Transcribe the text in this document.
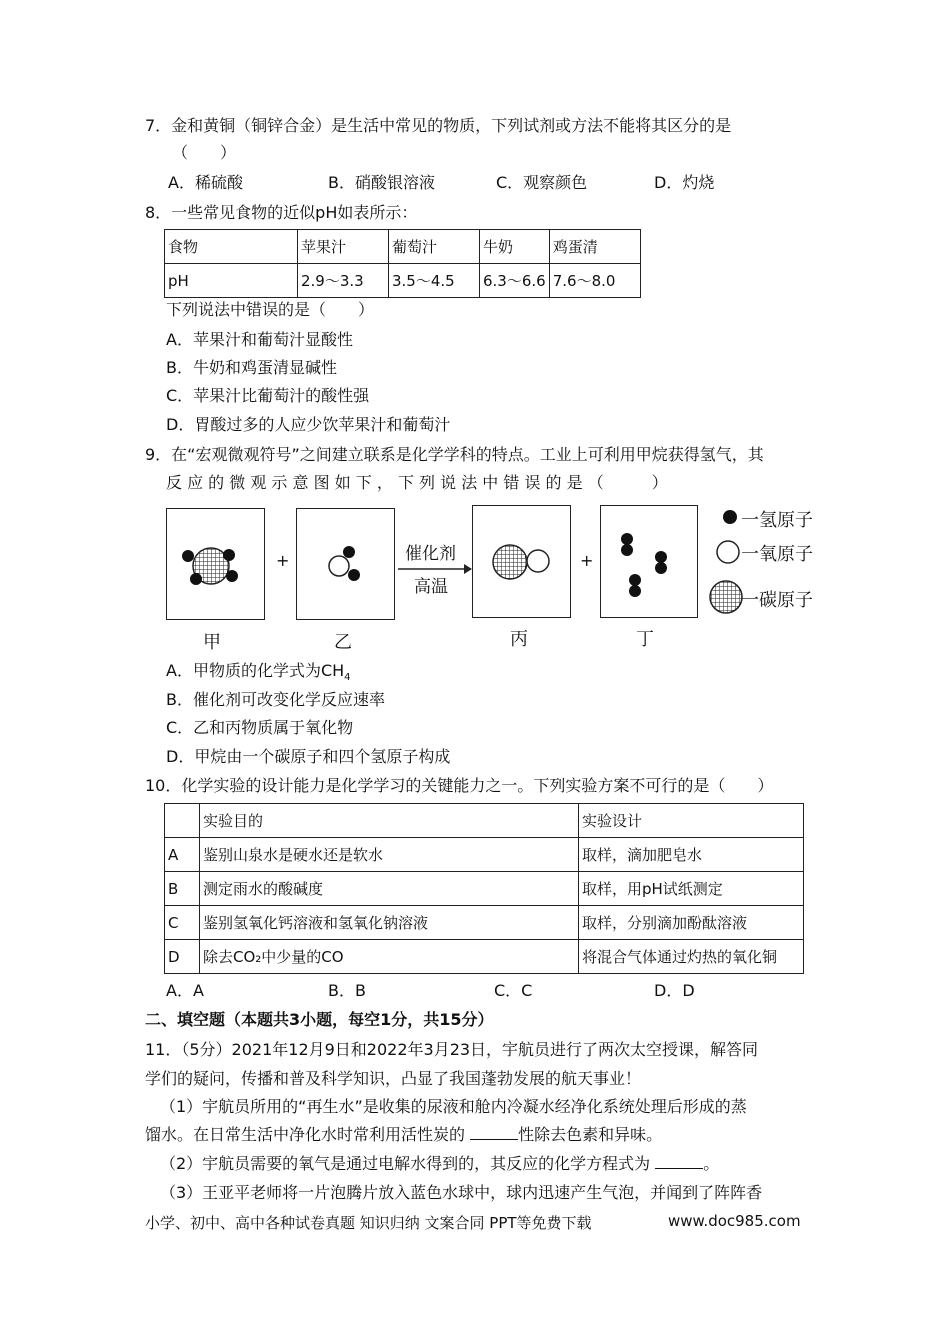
7．金和黄铜（铜锌合金）是生活中常见的物质，下列试剂或方法不能将其区分的是
（　　）
A．稀硫酸	B．硝酸银溶液	C．观察颜色	D．灼烧
8．一些常见食物的近似pH如表所示：
食物	苹果汁	葡萄汁	牛奶	鸡蛋清
pH	2.9～3.3	3.5～4.5	6.3～6.6	7.6～8.0
下列说法中错误的是（　　）
A．苹果汁和葡萄汁显酸性
B．牛奶和鸡蛋清显碱性
C．苹果汁比葡萄汁的酸性强
D．胃酸过多的人应少饮苹果汁和葡萄汁
9．在“宏观微观符号”之间建立联系是化学学科的特点。工业上可利用甲烷获得氢气，其
反 应 的 微 观 示 意 图 如 下 ， 下 列 说 法 中 错 误 的 是 （　　　）
甲
+
乙
催化剂
高温
丙
+
丁
一氢原子
一氧原子
一碳原子
A．甲物质的化学式为$CH_4$
B．催化剂可改变化学反应速率
C．乙和丙物质属于氧化物
D．甲烷由一个碳原子和四个氢原子构成
10．化学实验的设计能力是化学学习的关键能力之一。下列实验方案不可行的是（　　）
	实验目的	实验设计
A	鉴别山泉水是硬水还是软水	取样，滴加肥皂水
B	测定雨水的酸碱度	取样，用pH试纸测定
C	鉴别氢氧化钙溶液和氢氧化钠溶液	取样，分别滴加酚酞溶液
D	除去CO₂中少量的CO	将混合气体通过灼热的氧化铜
A．A	B．B	C．C	D．D
二、填空题（本题共3小题，每空1分，共15分）
11．（5分）2021年12月9日和2022年3月23日，宇航员进行了两次太空授课，解答同
学们的疑问，传播和普及科学知识，凸显了我国蓬勃发展的航天事业！
（1）宇航员所用的“再生水”是收集的尿液和舱内冷凝水经净化系统处理后形成的蒸
馏水。在日常生活中净化水时常利用活性炭的	性除去色素和异味。
（2）宇航员需要的氧气是通过电解水得到的，其反应的化学方程式为	。
（3）王亚平老师将一片泡腾片放入蓝色水球中，球内迅速产生气泡，并闻到了阵阵香
小学、初中、高中各种试卷真题 知识归纳 文案合同 PPT等免费下载	www.doc985.com
